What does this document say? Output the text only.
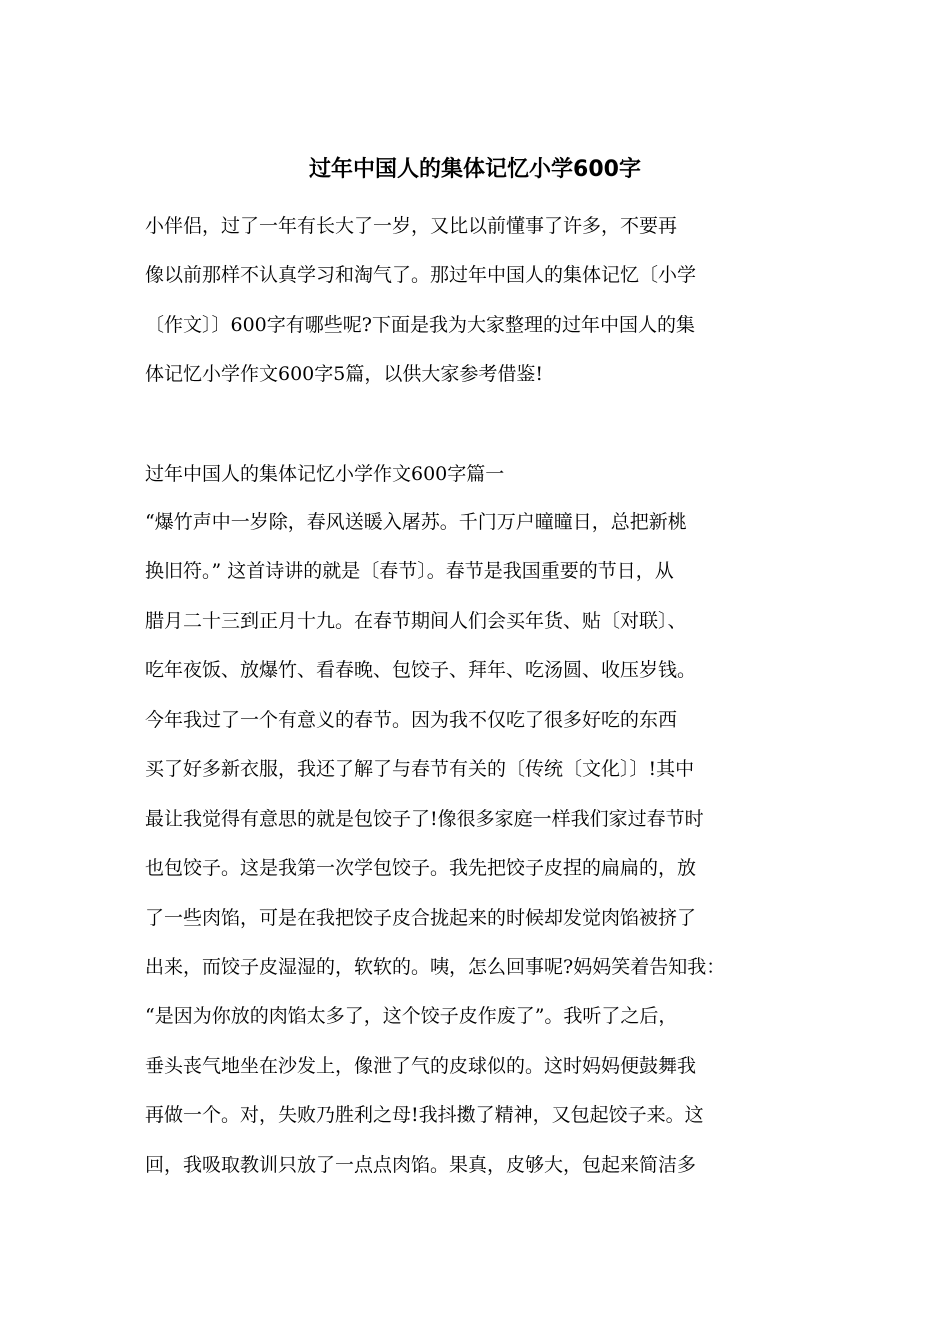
过年中国人的集体记忆小学600字
小伴侣，过了一年有长大了一岁，又比以前懂事了许多，不要再
像以前那样不认真学习和淘气了。那过年中国人的集体记忆〔小学
〔作文〕〕600字有哪些呢?下面是我为大家整理的过年中国人的集
体记忆小学作文600字5篇，以供大家参考借鉴!
过年中国人的集体记忆小学作文600字篇一
“爆竹声中一岁除，春风送暖入屠苏。千门万户曈曈日，总把新桃
换旧符。” 这首诗讲的就是〔春节〕。春节是我国重要的节日，从
腊月二十三到正月十九。在春节期间人们会买年货、贴〔对联〕、
吃年夜饭、放爆竹、看春晚、包饺子、拜年、吃汤圆、收压岁钱。
今年我过了一个有意义的春节。因为我不仅吃了很多好吃的东西
买了好多新衣服，我还了解了与春节有关的〔传统〔文化〕〕!其中
最让我觉得有意思的就是包饺子了!像很多家庭一样我们家过春节时
也包饺子。这是我第一次学包饺子。我先把饺子皮捏的扁扁的，放
了一些肉馅，可是在我把饺子皮合拢起来的时候却发觉肉馅被挤了
出来，而饺子皮湿湿的，软软的。咦，怎么回事呢?妈妈笑着告知我：
“是因为你放的肉馅太多了，这个饺子皮作废了”。我听了之后，
垂头丧气地坐在沙发上，像泄了气的皮球似的。这时妈妈便鼓舞我
再做一个。对，失败乃胜利之母!我抖擞了精神，又包起饺子来。这
回，我吸取教训只放了一点点肉馅。果真，皮够大，包起来简洁多
